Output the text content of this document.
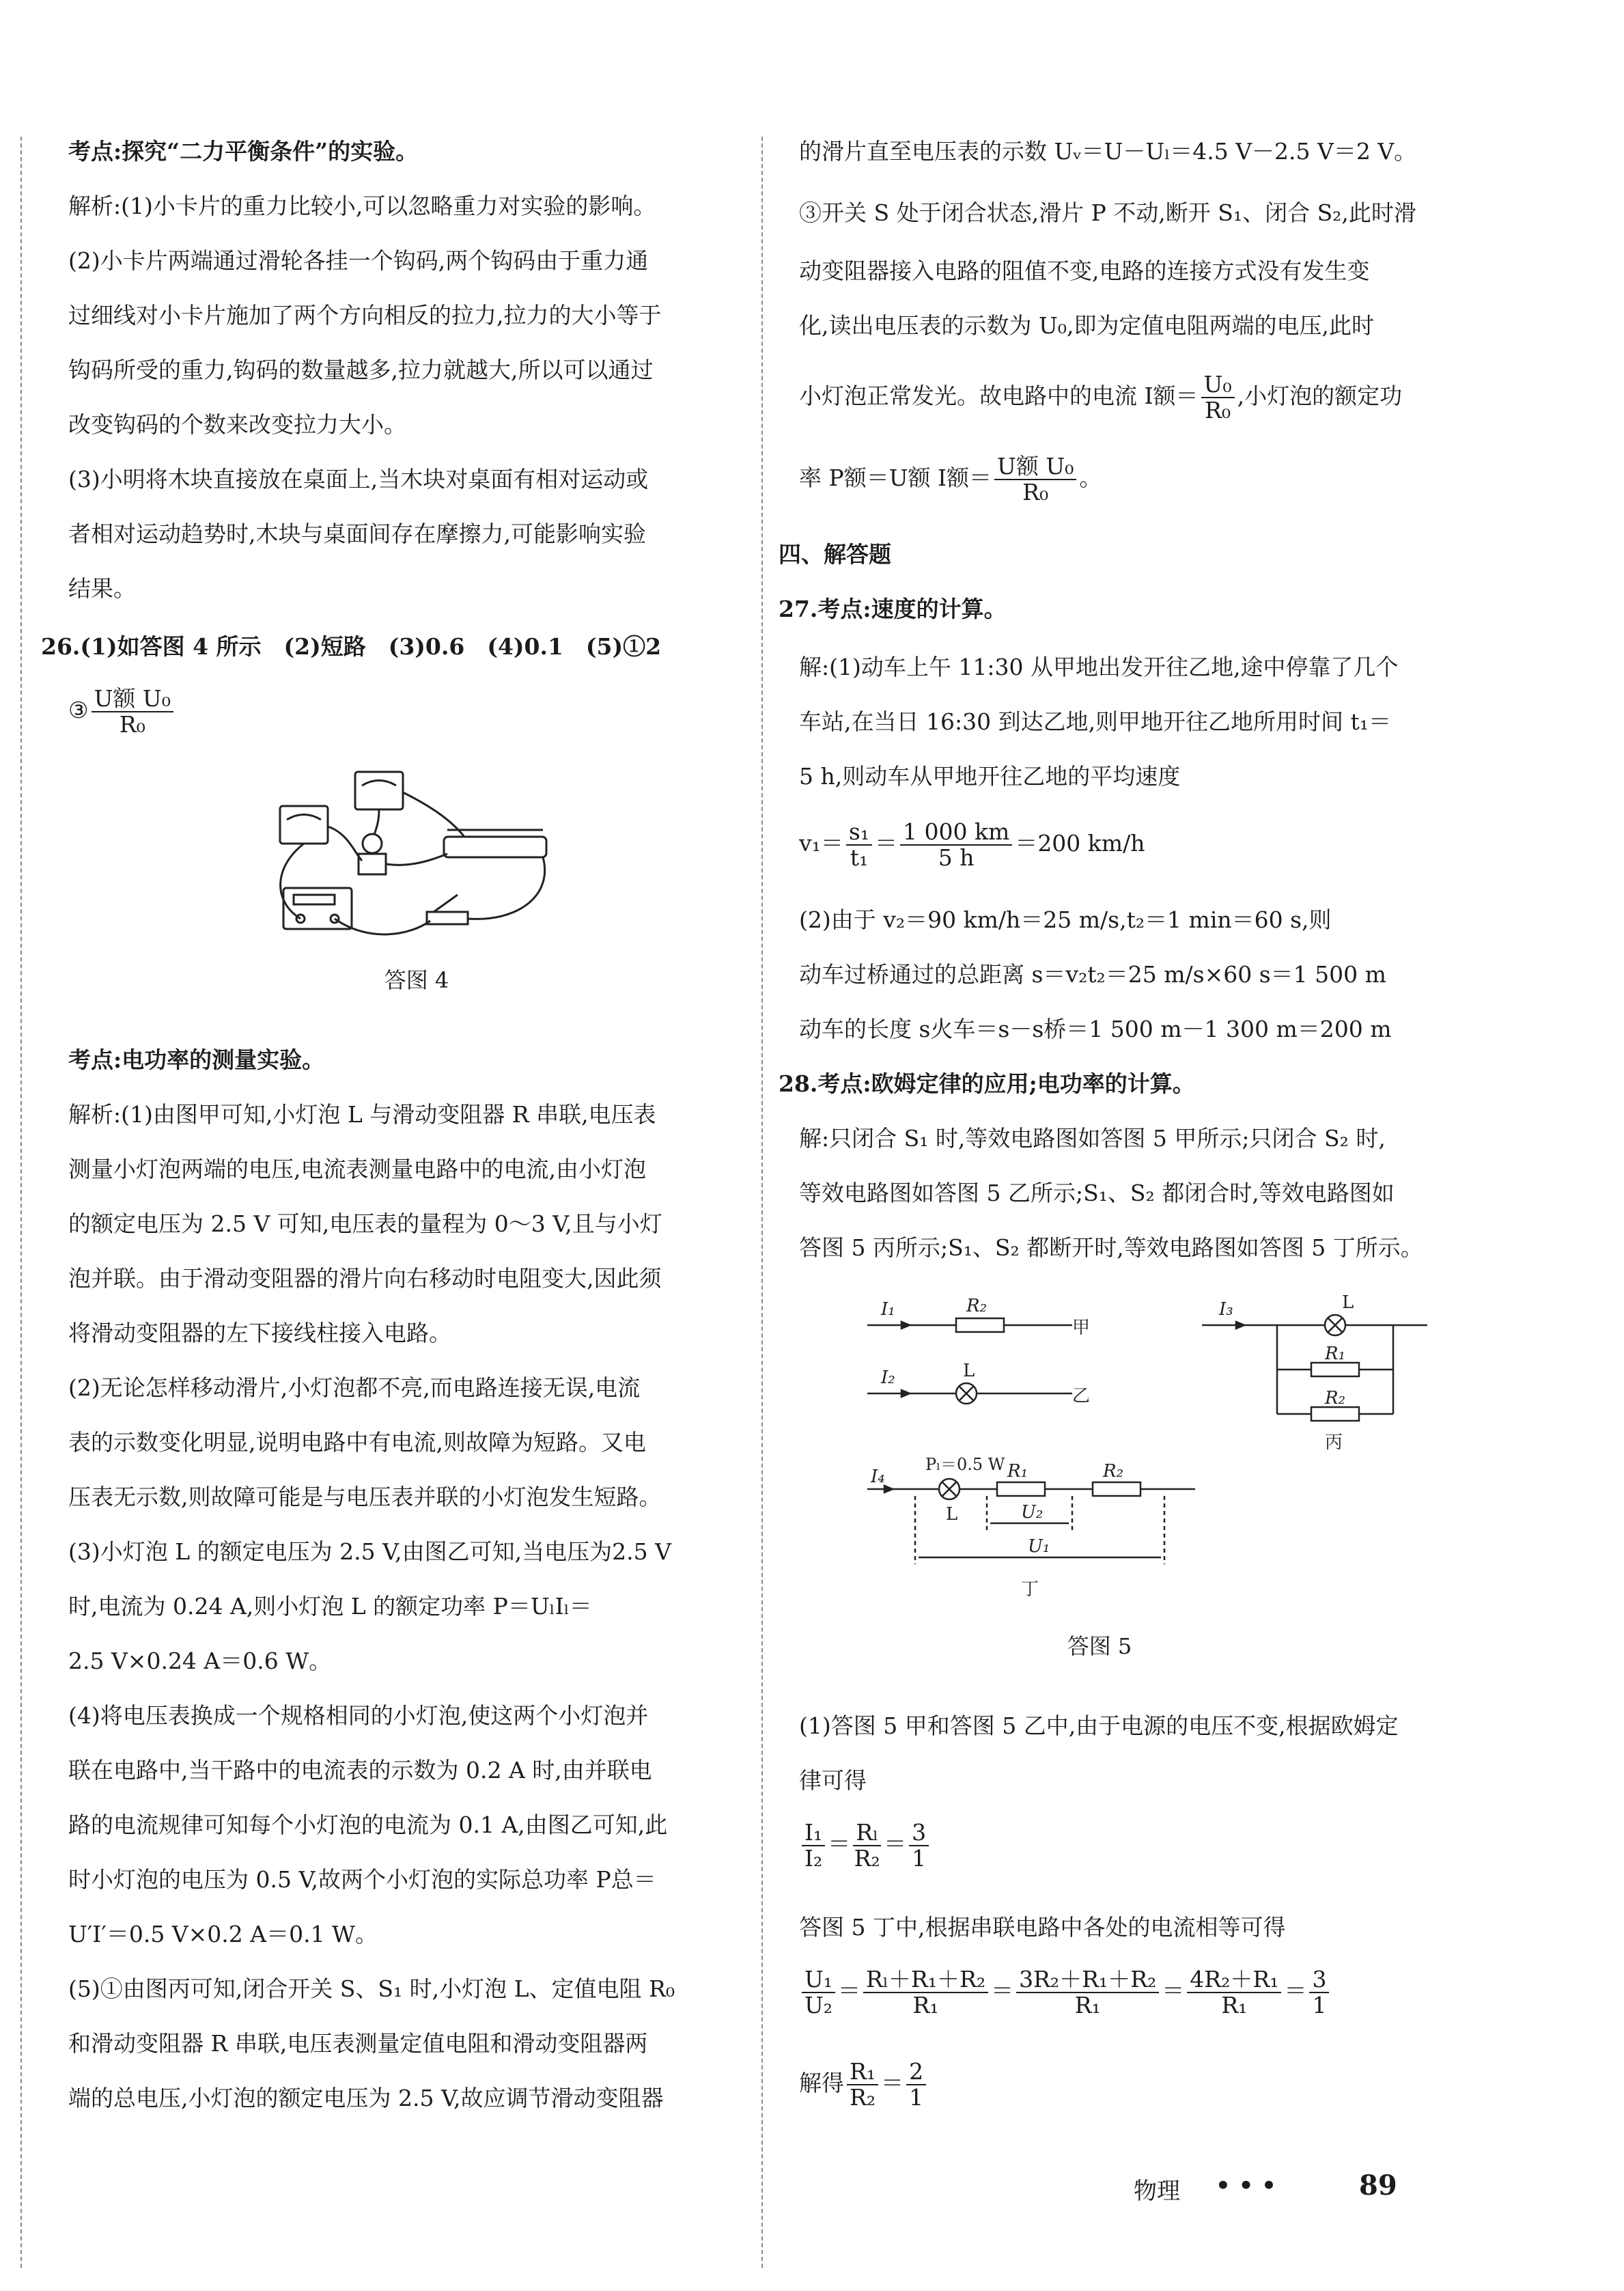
考点:探究“二力平衡条件”的实验。
解析:(1)小卡片的重力比较小,可以忽略重力对实验的影响。
(2)小卡片两端通过滑轮各挂一个钩码,两个钩码由于重力通
过细线对小卡片施加了两个方向相反的拉力,拉力的大小等于
钩码所受的重力,钩码的数量越多,拉力就越大,所以可以通过
改变钩码的个数来改变拉力大小。
(3)小明将木块直接放在桌面上,当木块对桌面有相对运动或
者相对运动趋势时,木块与桌面间存在摩擦力,可能影响实验
结果。
26.(1)如答图 4 所示　(2)短路　(3)0.6　(4)0.1　(5)①2
③ U额 U₀
R₀
答图 4
考点:电功率的测量实验。
解析:(1)由图甲可知,小灯泡 L 与滑动变阻器 R 串联,电压表
测量小灯泡两端的电压,电流表测量电路中的电流,由小灯泡
的额定电压为 2.5 V 可知,电压表的量程为 0～3 V,且与小灯
泡并联。由于滑动变阻器的滑片向右移动时电阻变大,因此须
将滑动变阻器的左下接线柱接入电路。
(2)无论怎样移动滑片,小灯泡都不亮,而电路连接无误,电流
表的示数变化明显,说明电路中有电流,则故障为短路。又电
压表无示数,则故障可能是与电压表并联的小灯泡发生短路。
(3)小灯泡 L 的额定电压为 2.5 V,由图乙可知,当电压为2.5 V
时,电流为 0.24 A,则小灯泡 L 的额定功率 P＝UₗIₗ＝
2.5 V×0.24 A＝0.6 W。
(4)将电压表换成一个规格相同的小灯泡,使这两个小灯泡并
联在电路中,当干路中的电流表的示数为 0.2 A 时,由并联电
路的电流规律可知每个小灯泡的电流为 0.1 A,由图乙可知,此
时小灯泡的电压为 0.5 V,故两个小灯泡的实际总功率 P总＝
U′I′＝0.5 V×0.2 A＝0.1 W。
(5)①由图丙可知,闭合开关 S、S₁ 时,小灯泡 L、定值电阻 R₀
和滑动变阻器 R 串联,电压表测量定值电阻和滑动变阻器两
端的总电压,小灯泡的额定电压为 2.5 V,故应调节滑动变阻器
的滑片直至电压表的示数 Uᵥ＝U－Uₗ＝4.5 V－2.5 V＝2 V。
③开关 S 处于闭合状态,滑片 P 不动,断开 S₁、闭合 S₂,此时滑
动变阻器接入电路的阻值不变,电路的连接方式没有发生变
化,读出电压表的示数为 U₀,即为定值电阻两端的电压,此时
小灯泡正常发光。故电路中的电流 I额＝ $\frac{\text{U₀}}{\text{R₀}}$ ,小灯泡的额定功
率 P额＝U额 I额＝ U额 U₀
R₀
。
四、解答题
27.考点:速度的计算。
解:(1)动车上午 11:30 从甲地出发开往乙地,途中停靠了几个
车站,在当日 16:30 到达乙地,则甲地开往乙地所用时间 t₁＝
5 h,则动车从甲地开往乙地的平均速度
$v_1= \frac{\text{s₁}}{\text{t₁}} = \frac{1 000 km}{5 h} =200$ km/h
(2)由于 v₂＝90 km/h＝25 m/s,t₂＝1 min＝60 s,则
动车过桥通过的总距离 s＝v₂t₂＝25 m/s×60 s＝1 500 m
动车的长度 s火车＝s－s桥＝1 500 m－1 300 m＝200 m
28.考点:欧姆定律的应用;电功率的计算。
解:只闭合 S₁ 时,等效电路图如答图 5 甲所示;只闭合 S₂ 时,
等效电路图如答图 5 乙所示;S₁、S₂ 都闭合时,等效电路图如
答图 5 丙所示;S₁、S₂ 都断开时,等效电路图如答图 5 丁所示。
甲
乙
丙
丁
I₁	R₂
I₂	L
I₃	L
R₁
R₂
I₄
Pₗ＝0.5 W
L
R₁	R₂
U₂
U₁
答图 5
(1)答图 5 甲和答图 5 乙中,由于电源的电压不变,根据欧姆定
律可得
$\frac{\text{I₁}}{\text{I₂}} = \frac{\text{Rₗ}}{\text{R₂}} = \frac{3}{1}$
答图 5 丁中,根据串联电路中各处的电流相等可得
$\frac{\text{U₁}}{\text{U₂}} = \frac{\text{Rₗ＋R₁＋R₂}}{\text{R₁}} = \frac{\text{3R₂＋R₁＋R₂}}{\text{R₁}} = \frac{\text{4R₂＋R₁}}{\text{R₁}} = \frac{3}{1}$
解得 $\frac{\text{R₁}}{\text{R₂}} = \frac{2}{1}$
物理 • • •	89
